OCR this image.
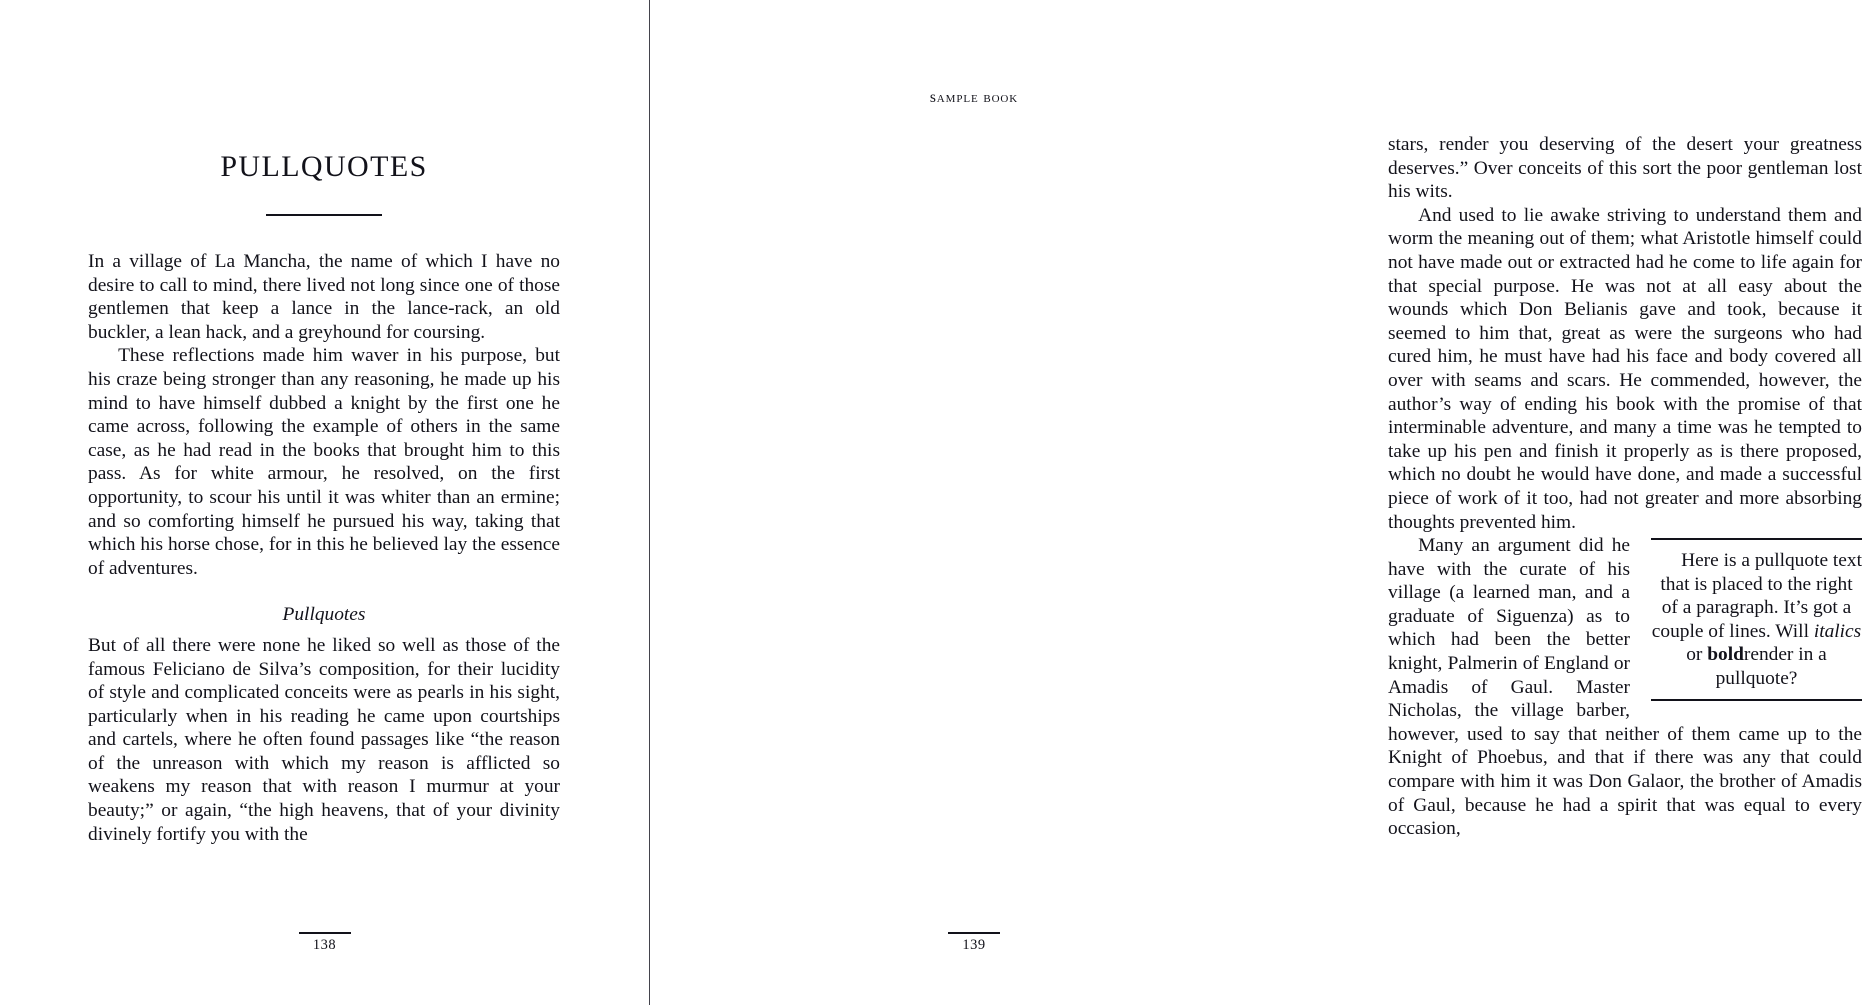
PULLQUOTES

In a village of La Mancha, the name of which I have no desire to call to mind, there lived not long since one of those gentlemen that keep a lance in the lance-rack, an old buckler, a lean hack, and a greyhound for coursing.

These reflections made him waver in his purpose, but his craze being stronger than any reasoning, he made up his mind to have himself dubbed a knight by the first one he came across, following the example of others in the same case, as he had read in the books that brought him to this pass. As for white armour, he resolved, on the first opportunity, to scour his until it was whiter than an ermine; and so comforting himself he pursued his way, taking that which his horse chose, for in this he believed lay the essence of adventures.

Pullquotes

But of all there were none he liked so well as those of the famous Feliciano de Silva’s composition, for their lucidity of style and complicated conceits were as pearls in his sight, particularly when in his reading he came upon courtships and cartels, where he often found passages like “the reason of the unreason with which my reason is afflicted so weakens my reason that with reason I murmur at your beauty;” or again, “the high heavens, that of your divinity divinely fortify you with the

138
sample book

stars, render you deserving of the desert your greatness deserves.” Over conceits of this sort the poor gentleman lost his wits.

And used to lie awake striving to understand them and worm the meaning out of them; what Aristotle himself could not have made out or extracted had he come to life again for that special purpose. He was not at all easy about the wounds which Don Belianis gave and took, because it seemed to him that, great as were the surgeons who had cured him, he must have had his face and body covered all over with seams and scars. He commended, however, the author’s way of ending his book with the promise of that interminable adventure, and many a time was he tempted to take up his pen and finish it properly as is there proposed, which no doubt he would have done, and made a successful piece of work of it too, had not greater and more absorbing thoughts prevented him.

Here is a pullquote text that is placed to the right of a paragraph. It’s got a couple of lines. Will italics or boldrender in a pullquote?
Many an argument did he have with the curate of his village (a learned man, and a graduate of Siguenza) as to which had been the better knight, Palmerin of England or Amadis of Gaul. Master Nicholas, the village barber, however, used to say that neither of them came up to the Knight of Phoebus, and that if there was any that could compare with him it was Don Galaor, the brother of Amadis of Gaul, because he had a spirit that was equal to every occasion,

139
